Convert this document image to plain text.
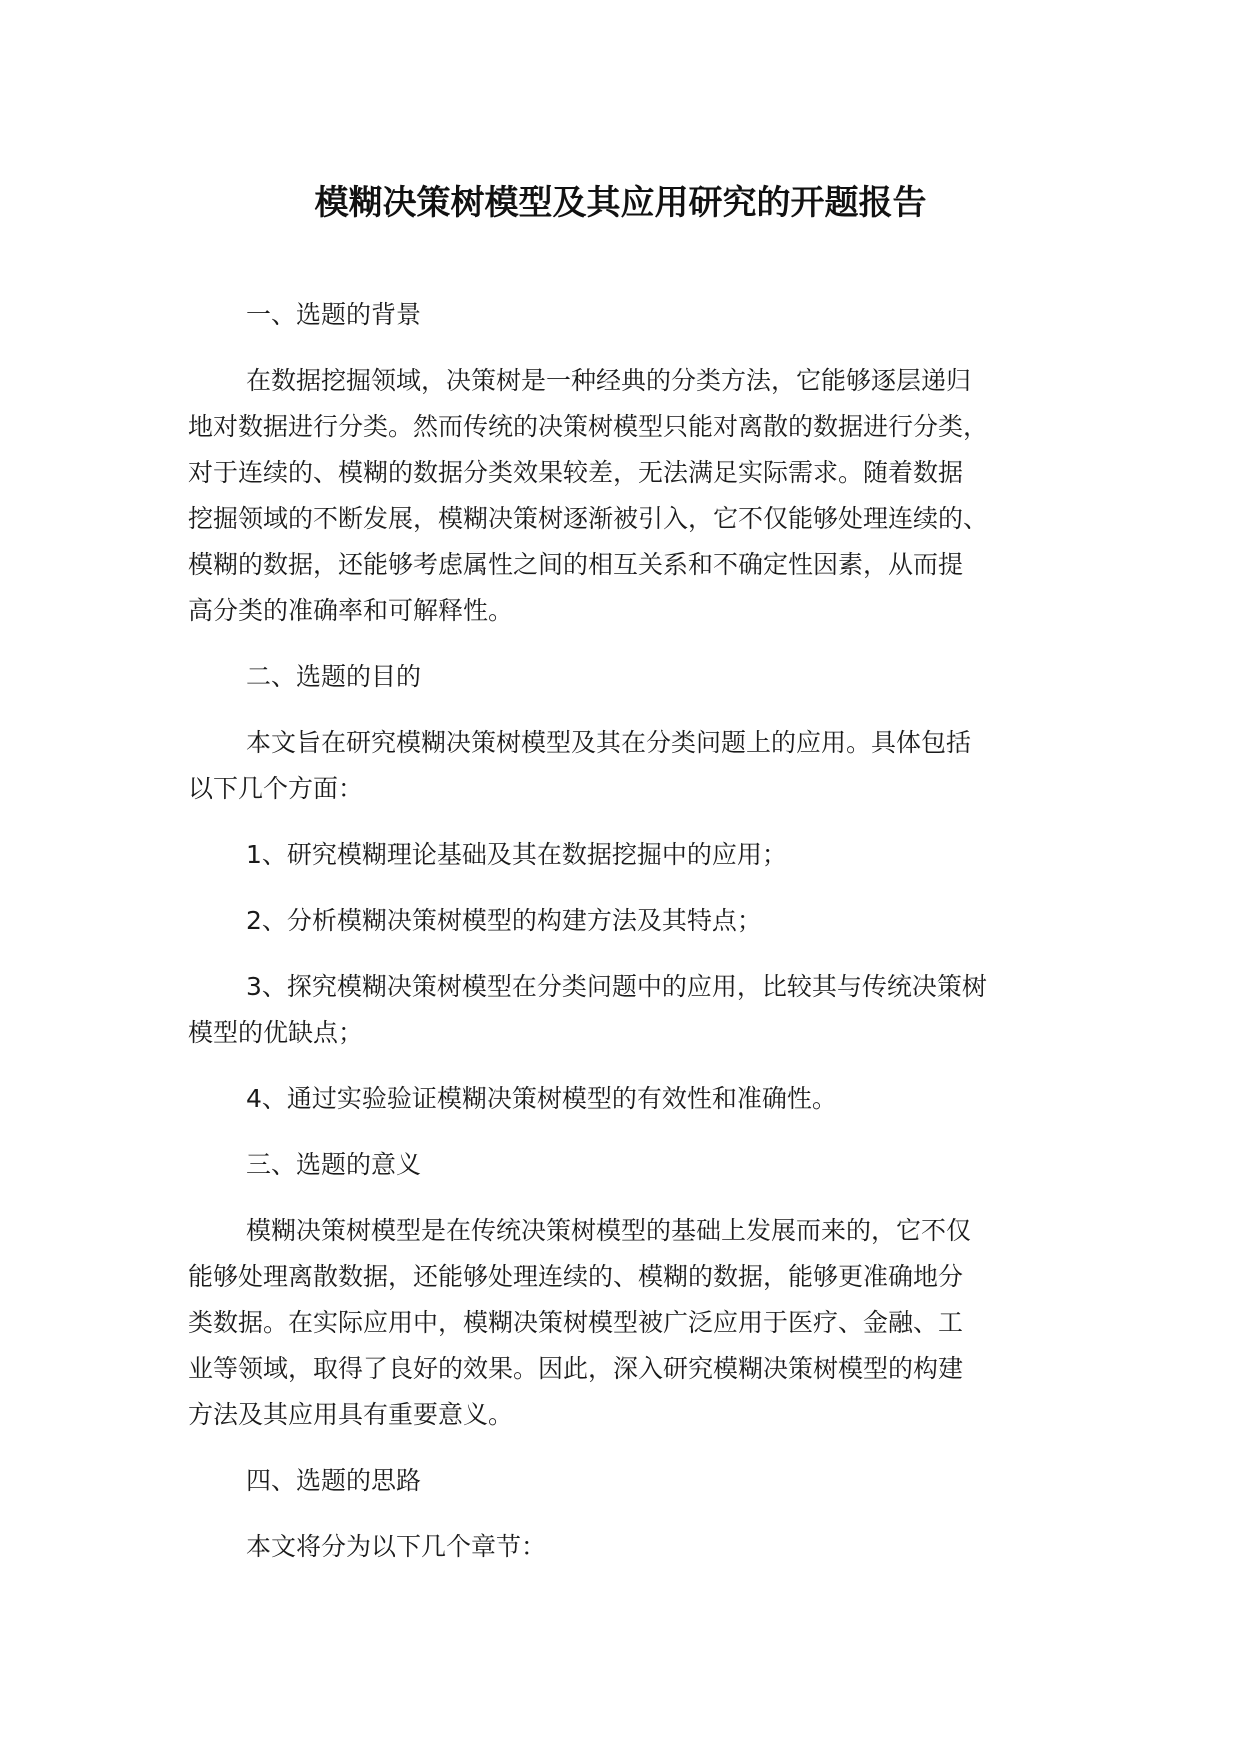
模糊决策树模型及其应用研究的开题报告
一、选题的背景
在数据挖掘领域，决策树是一种经典的分类方法，它能够逐层递归
地对数据进行分类。然而传统的决策树模型只能对离散的数据进行分类，
对于连续的、模糊的数据分类效果较差，无法满足实际需求。随着数据
挖掘领域的不断发展，模糊决策树逐渐被引入，它不仅能够处理连续的、
模糊的数据，还能够考虑属性之间的相互关系和不确定性因素，从而提
高分类的准确率和可解释性。
二、选题的目的
本文旨在研究模糊决策树模型及其在分类问题上的应用。具体包括
以下几个方面：
1、研究模糊理论基础及其在数据挖掘中的应用；
2、分析模糊决策树模型的构建方法及其特点；
3、探究模糊决策树模型在分类问题中的应用，比较其与传统决策树
模型的优缺点；
4、通过实验验证模糊决策树模型的有效性和准确性。
三、选题的意义
模糊决策树模型是在传统决策树模型的基础上发展而来的，它不仅
能够处理离散数据，还能够处理连续的、模糊的数据，能够更准确地分
类数据。在实际应用中，模糊决策树模型被广泛应用于医疗、金融、工
业等领域，取得了良好的效果。因此，深入研究模糊决策树模型的构建
方法及其应用具有重要意义。
四、选题的思路
本文将分为以下几个章节：
